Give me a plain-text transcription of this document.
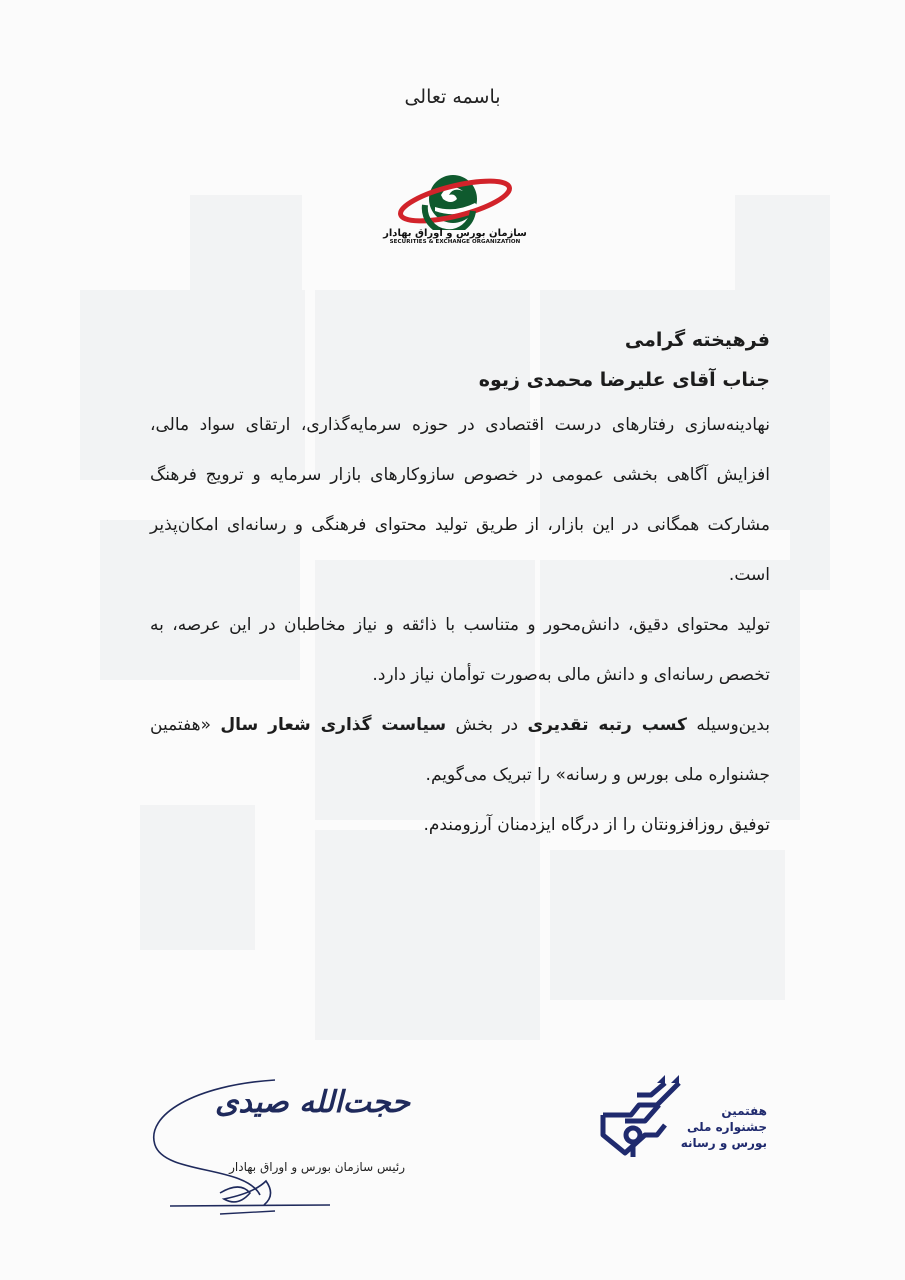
باسمه تعالی
سازمان بورس و اوراق بهادار
SECURITIES & EXCHANGE ORGANIZATION
فرهیخته گرامی
جناب آقای علیرضا محمدی زیوه

نهادینه‌سازی رفتارهای درست اقتصادی در حوزه سرمایه‌گذاری، ارتقای سواد مالی، افزایش آگاهی بخشی عمومی در خصوص سازوکارهای بازار سرمایه و ترویج فرهنگ مشارکت همگانی در این بازار، از طریق تولید محتوای فرهنگی و رسانه‌ای امکان‌پذیر است.

تولید محتوای دقیق، دانش‌محور و متناسب با ذائقه و نیاز مخاطبان در این عرصه، به تخصص رسانه‌ای و دانش مالی به‌صورت توأمان نیاز دارد.

بدین‌وسیله کسب رتبه تقدیری در بخش سیاست گذاری شعار سال «هفتمین جشنواره ملی بورس و رسانه» را تبریک می‌گویم.

توفیق روزافزونتان را از درگاه ایزدمنان آرزومندم.

حجت‌الله صیدی
رئیس سازمان بورس و اوراق بهادار
هفتمین
جشنواره ملی
بورس و رسانه
